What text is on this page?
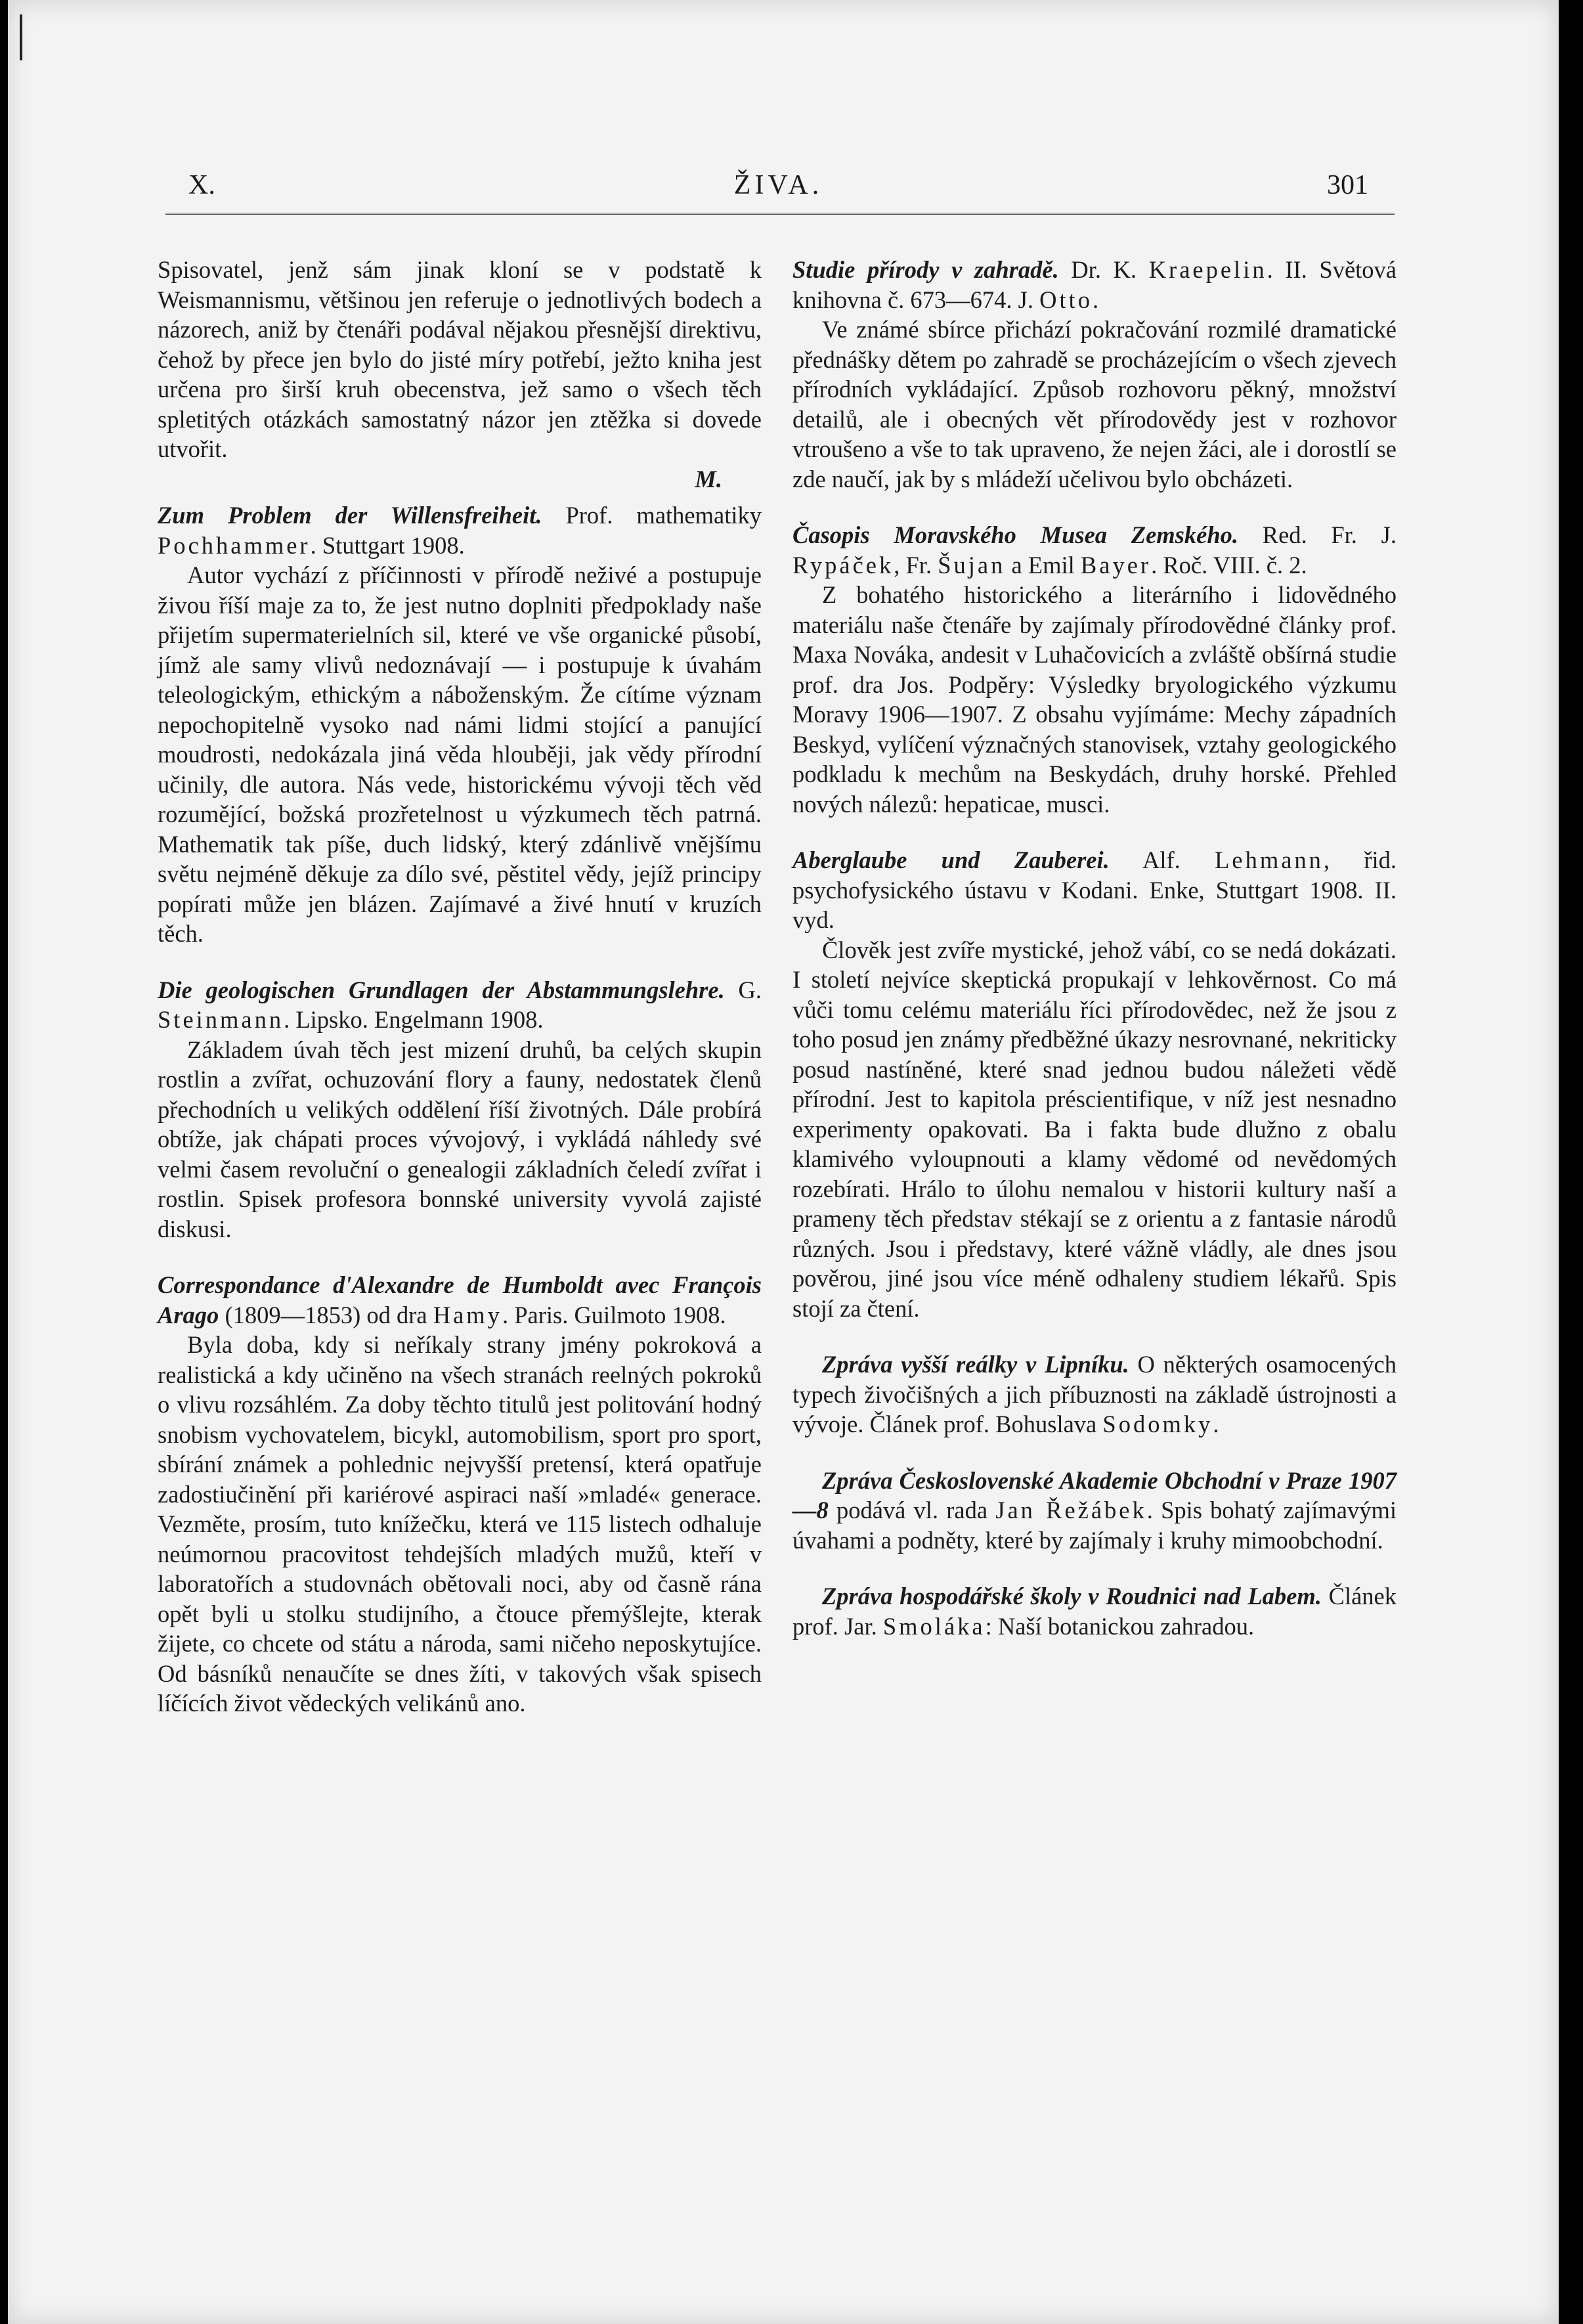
X.	ŽIVA.	301

Spisovatel, jenž sám jinak kloní se v podstatě k Weismannismu, většinou jen referuje o jednotlivých bodech a názorech, aniž by čtenáři podával nějakou přesnější direktivu, čehož by přece jen bylo do jisté míry potřebí, ježto kniha jest určena pro širší kruh obecenstva, jež samo o všech těch spletitých otázkách samostatný názor jen ztěžka si dovede utvořit.

M.

Zum Problem der Willensfreiheit. Prof. mathematiky Pochhammer. Stuttgart 1908.

Autor vychází z příčinnosti v přírodě neživé a postupuje živou říší maje za to, že jest nutno doplniti předpoklady naše přijetím supermaterielních sil, které ve vše organické působí, jímž ale samy vlivů nedoznávají — i postupuje k úvahám teleologickým, ethickým a náboženským. Že cítíme význam nepochopitelně vysoko nad námi lidmi stojící a panující moudrosti, nedokázala jiná věda hlouběji, jak vědy přírodní učinily, dle autora. Nás vede, historickému vývoji těch věd rozumějící, božská prozřetelnost u výzkumech těch patrná. Mathematik tak píše, duch lidský, který zdánlivě vnějšímu světu nejméně děkuje za dílo své, pěstitel vědy, jejíž principy popírati může jen blázen. Zajímavé a živé hnutí v kruzích těch.

Die geologischen Grundlagen der Abstammungslehre. G. Steinmann. Lipsko. Engelmann 1908.

Základem úvah těch jest mizení druhů, ba celých skupin rostlin a zvířat, ochuzování flory a fauny, nedostatek členů přechodních u velikých oddělení říší životných. Dále probírá obtíže, jak chápati proces vývojový, i vykládá náhledy své velmi časem revoluční o genealogii základních čeledí zvířat i rostlin. Spisek profesora bonnské university vyvolá zajisté diskusi.

Correspondance d'Alexandre de Humboldt avec François Arago (1809—1853) od dra Hamy. Paris. Guilmoto 1908.

Byla doba, kdy si neříkaly strany jmény pokroková a realistická a kdy učiněno na všech stranách reelných pokroků o vlivu rozsáhlém. Za doby těchto titulů jest politování hodný snobism vychovatelem, bicykl, automobilism, sport pro sport, sbírání známek a pohlednic nejvyšší pretensí, která opatřuje zadostiučinění při kariérové aspiraci naší »mladé« generace. Vezměte, prosím, tuto knížečku, která ve 115 listech odhaluje neúmornou pracovitost tehdejších mladých mužů, kteří v laboratořích a studovnách obětovali noci, aby od časně rána opět byli u stolku studijního, a čtouce přemýšlejte, kterak žijete, co chcete od státu a národa, sami ničeho neposkytujíce. Od básníků nenaučíte se dnes žíti, v takových však spisech líčících život vědeckých velikánů ano.

Studie přírody v zahradě. Dr. K. Kraepelin. II. Světová knihovna č. 673—674. J. Otto.

Ve známé sbírce přichází pokračování rozmilé dramatické přednášky dětem po zahradě se procházejícím o všech zjevech přírodních vykládající. Způsob rozhovoru pěkný, množství detailů, ale i obecných vět přírodovědy jest v rozhovor vtroušeno a vše to tak upraveno, že nejen žáci, ale i dorostlí se zde naučí, jak by s mládeží učelivou bylo obcházeti.

Časopis Moravského Musea Zemského. Red. Fr. J. Rypáček, Fr. Šujan a Emil Bayer. Roč. VIII. č. 2.

Z bohatého historického a literárního i lidovědného materiálu naše čtenáře by zajímaly přírodovědné články prof. Maxa Nováka, andesit v Luhačovicích a zvláště obšírná studie prof. dra Jos. Podpěry: Výsledky bryologického výzkumu Moravy 1906—1907. Z obsahu vyjímáme: Mechy západních Beskyd, vylíčení význačných stanovisek, vztahy geologického podkladu k mechům na Beskydách, druhy horské. Přehled nových nálezů: hepaticae, musci.

Aberglaube und Zauberei. Alf. Lehmann, řid. psychofysického ústavu v Kodani. Enke, Stuttgart 1908. II. vyd.

Člověk jest zvíře mystické, jehož vábí, co se nedá dokázati. I století nejvíce skeptická propukají v lehkověrnost. Co má vůči tomu celému materiálu říci přírodovědec, než že jsou z toho posud jen známy předběžné úkazy nesrovnané, nekriticky posud nastíněné, které snad jednou budou náležeti vědě přírodní. Jest to kapitola préscientifique, v níž jest nesnadno experimenty opakovati. Ba i fakta bude dlužno z obalu klamivého vyloupnouti a klamy vědomé od nevědomých rozebírati. Hrálo to úlohu nemalou v historii kultury naší a prameny těch představ stékají se z orientu a z fantasie národů různých. Jsou i představy, které vážně vládly, ale dnes jsou pověrou, jiné jsou více méně odhaleny studiem lékařů. Spis stojí za čtení.

Zpráva vyšší reálky v Lipníku. O některých osamocených typech živočišných a jich příbuznosti na základě ústrojnosti a vývoje. Článek prof. Bohuslava Sodomky.

Zpráva Československé Akademie Obchodní v Praze 1907—8 podává vl. rada Jan Řežábek. Spis bohatý zajímavými úvahami a podněty, které by zajímaly i kruhy mimoobchodní.

Zpráva hospodářské školy v Roudnici nad Labem. Článek prof. Jar. Smoláka: Naší botanickou zahradou.
